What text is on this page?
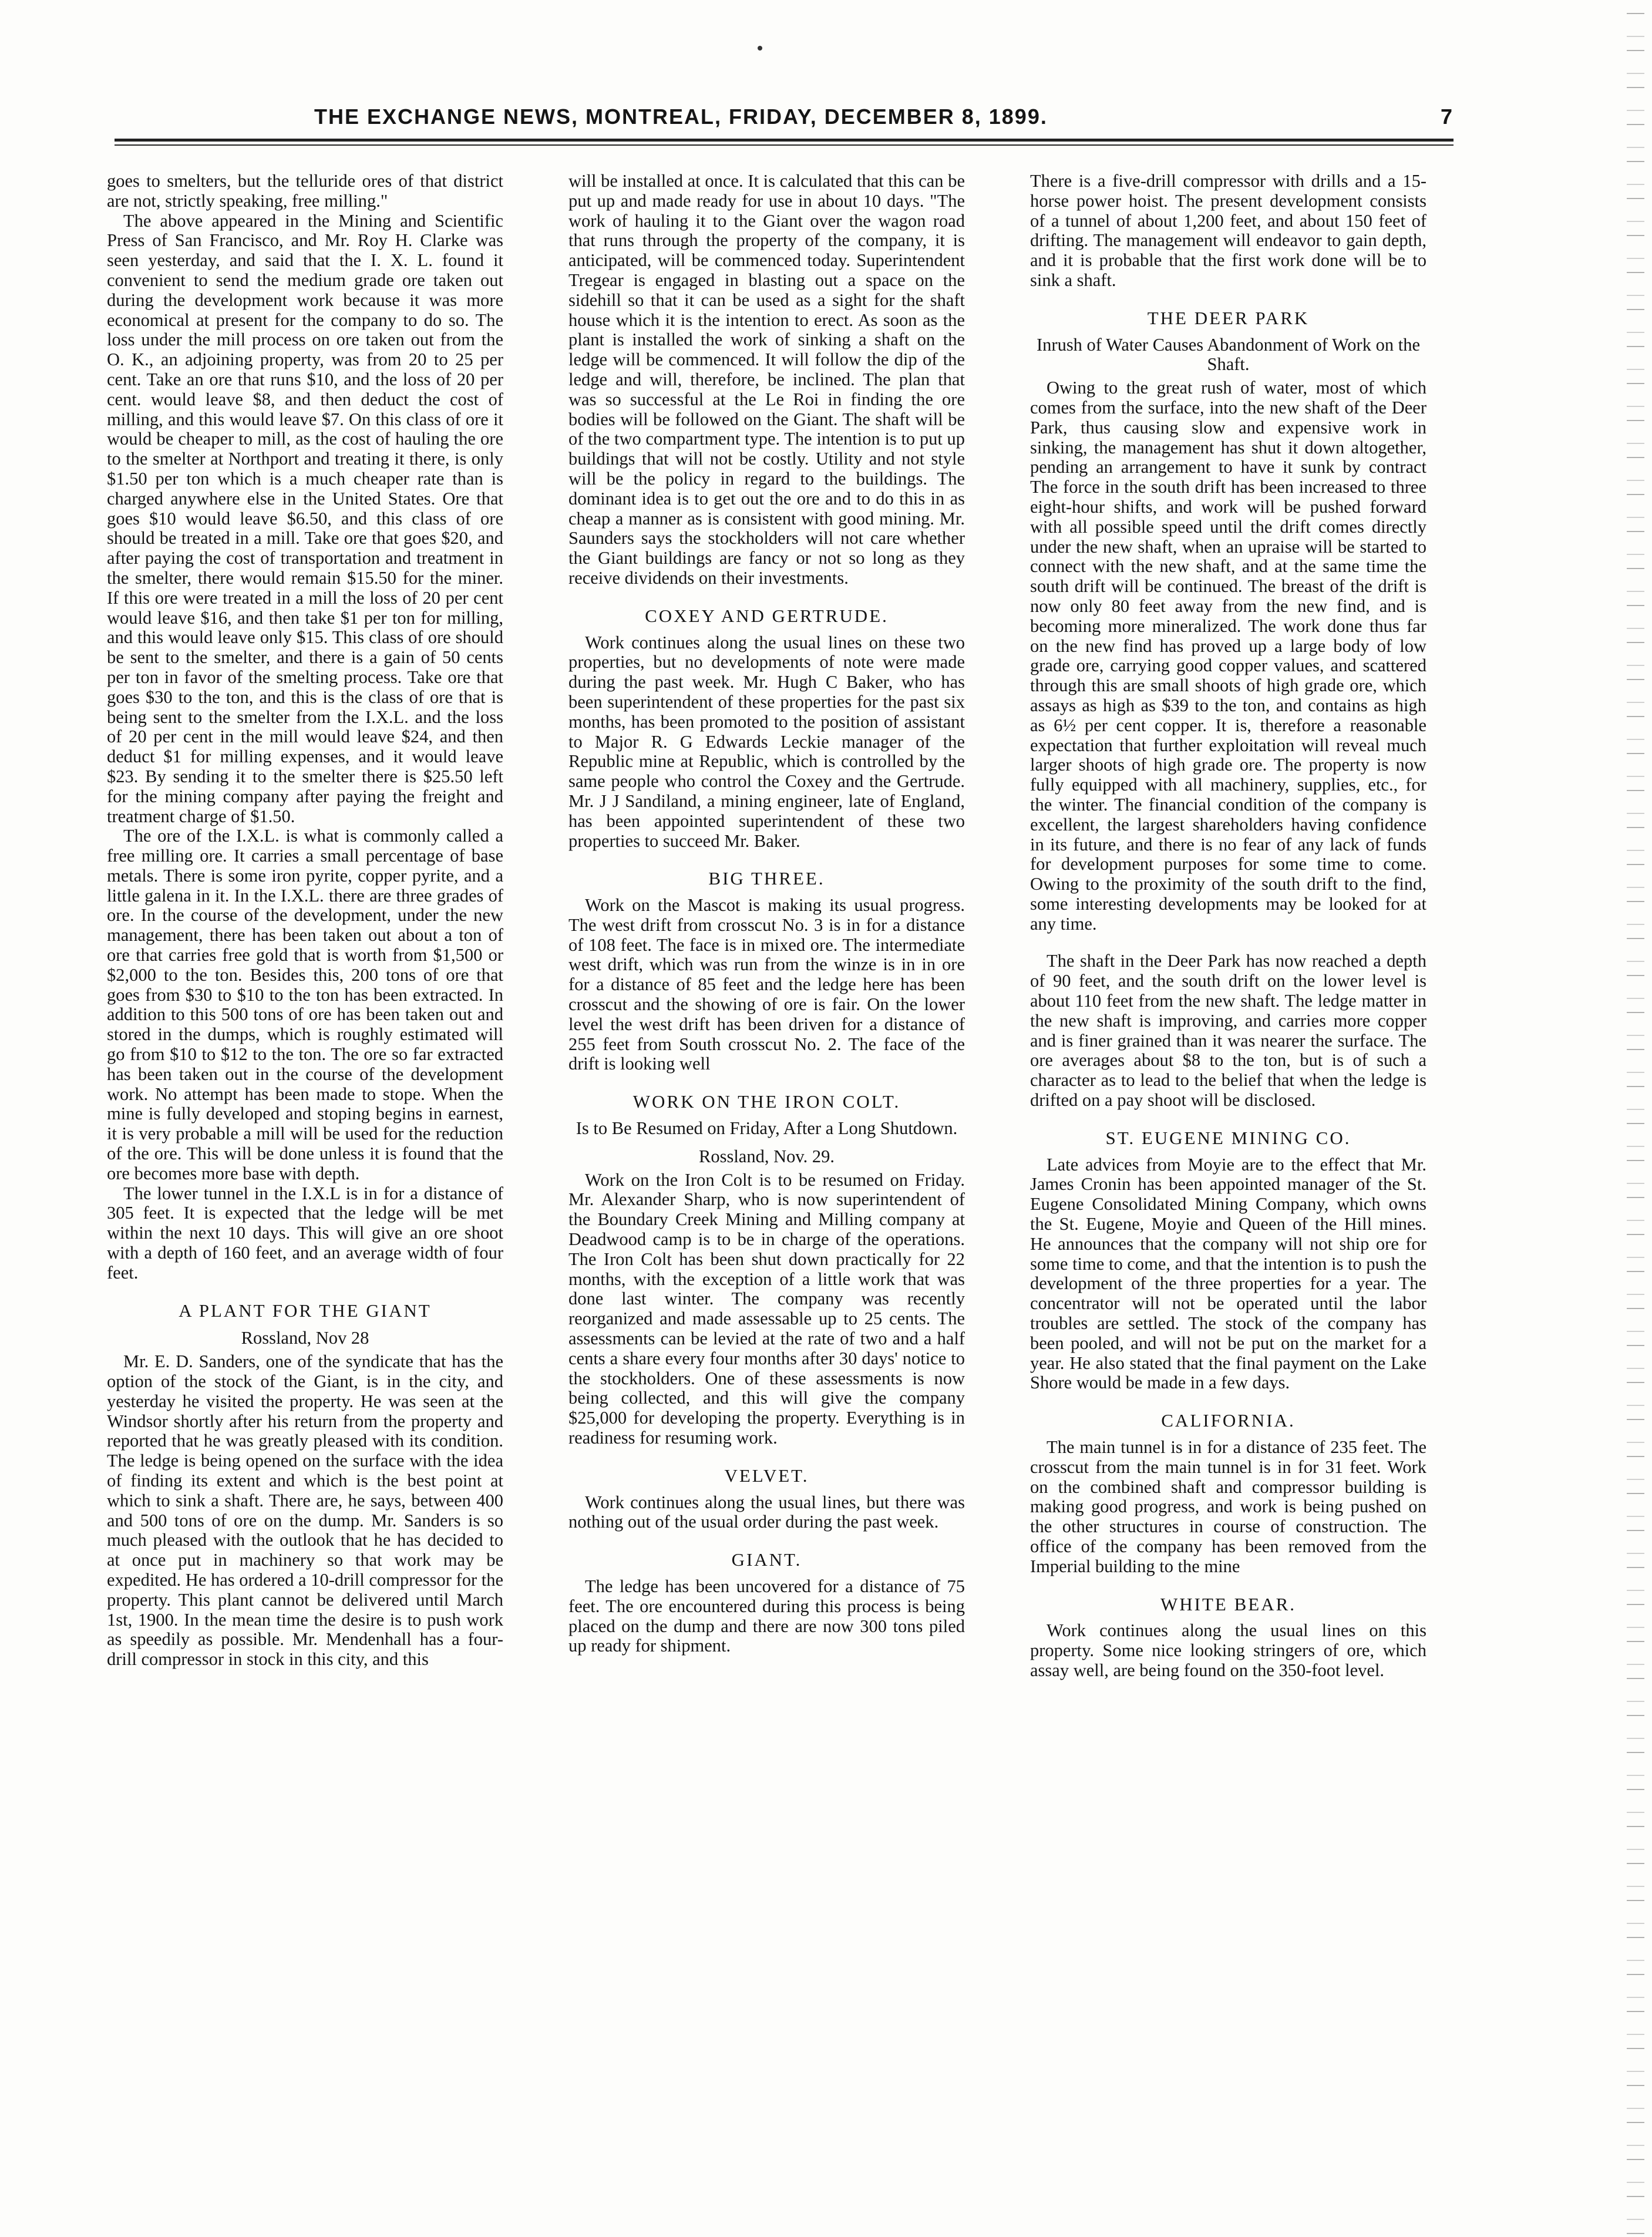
THE EXCHANGE NEWS, MONTREAL, FRIDAY, DECEMBER 8, 1899.	7

goes to smelters, but the telluride ores of that district are not, strictly speaking, free milling."

The above appeared in the Mining and Scientific Press of San Francisco, and Mr. Roy H. Clarke was seen yesterday, and said that the I. X. L. found it convenient to send the medium grade ore taken out during the development work because it was more economical at present for the company to do so. The loss under the mill process on ore taken out from the O. K., an adjoining property, was from 20 to 25 per cent. Take an ore that runs $10, and the loss of 20 per cent. would leave $8, and then deduct the cost of milling, and this would leave $7. On this class of ore it would be cheaper to mill, as the cost of hauling the ore to the smelter at Northport and treating it there, is only $1.50 per ton which is a much cheaper rate than is charged anywhere else in the United States. Ore that goes $10 would leave $6.50, and this class of ore should be treated in a mill. Take ore that goes $20, and after paying the cost of transportation and treatment in the smelter, there would remain $15.50 for the miner. If this ore were treated in a mill the loss of 20 per cent would leave $16, and then take $1 per ton for milling, and this would leave only $15. This class of ore should be sent to the smelter, and there is a gain of 50 cents per ton in favor of the smelting process. Take ore that goes $30 to the ton, and this is the class of ore that is being sent to the smelter from the I.X.L. and the loss of 20 per cent in the mill would leave $24, and then deduct $1 for milling expenses, and it would leave $23. By sending it to the smelter there is $25.50 left for the mining company after paying the freight and treatment charge of $1.50.

The ore of the I.X.L. is what is commonly called a free milling ore. It carries a small percentage of base metals. There is some iron pyrite, copper pyrite, and a little galena in it. In the I.X.L. there are three grades of ore. In the course of the development, under the new management, there has been taken out about a ton of ore that carries free gold that is worth from $1,500 or $2,000 to the ton. Besides this, 200 tons of ore that goes from $30 to $10 to the ton has been extracted. In addition to this 500 tons of ore has been taken out and stored in the dumps, which is roughly estimated will go from $10 to $12 to the ton. The ore so far extracted has been taken out in the course of the development work. No attempt has been made to stope. When the mine is fully developed and stoping begins in earnest, it is very probable a mill will be used for the reduction of the ore. This will be done unless it is found that the ore becomes more base with depth.

The lower tunnel in the I.X.L is in for a distance of 305 feet. It is expected that the ledge will be met within the next 10 days. This will give an ore shoot with a depth of 160 feet, and an average width of four feet.

A PLANT FOR THE GIANT

Rossland, Nov 28

Mr. E. D. Sanders, one of the syndicate that has the option of the stock of the Giant, is in the city, and yesterday he visited the property. He was seen at the Windsor shortly after his return from the property and reported that he was greatly pleased with its condition. The ledge is being opened on the surface with the idea of finding its extent and which is the best point at which to sink a shaft. There are, he says, between 400 and 500 tons of ore on the dump. Mr. Sanders is so much pleased with the outlook that he has decided to at once put in machinery so that work may be expedited. He has ordered a 10-drill compressor for the property. This plant cannot be delivered until March 1st, 1900. In the mean time the desire is to push work as speedily as possible. Mr. Mendenhall has a four-drill compressor in stock in this city, and this

will be installed at once. It is calculated that this can be put up and made ready for use in about 10 days. "The work of hauling it to the Giant over the wagon road that runs through the property of the company, it is anticipated, will be commenced today. Superintendent Tregear is engaged in blasting out a space on the sidehill so that it can be used as a sight for the shaft house which it is the intention to erect. As soon as the plant is installed the work of sinking a shaft on the ledge will be commenced. It will follow the dip of the ledge and will, therefore, be inclined. The plan that was so successful at the Le Roi in finding the ore bodies will be followed on the Giant. The shaft will be of the two compartment type. The intention is to put up buildings that will not be costly. Utility and not style will be the policy in regard to the buildings. The dominant idea is to get out the ore and to do this in as cheap a manner as is consistent with good mining. Mr. Saunders says the stockholders will not care whether the Giant buildings are fancy or not so long as they receive dividends on their investments.

COXEY AND GERTRUDE.

Work continues along the usual lines on these two properties, but no developments of note were made during the past week. Mr. Hugh C Baker, who has been superintendent of these properties for the past six months, has been promoted to the position of assistant to Major R. G Edwards Leckie manager of the Republic mine at Republic, which is controlled by the same people who control the Coxey and the Gertrude. Mr. J J Sandiland, a mining engineer, late of England, has been appointed superintendent of these two properties to succeed Mr. Baker.

BIG THREE.

Work on the Mascot is making its usual progress. The west drift from crosscut No. 3 is in for a distance of 108 feet. The face is in mixed ore. The intermediate west drift, which was run from the winze is in in ore for a distance of 85 feet and the ledge here has been crosscut and the showing of ore is fair. On the lower level the west drift has been driven for a distance of 255 feet from South crosscut No. 2. The face of the drift is looking well

WORK ON THE IRON COLT.

Is to Be Resumed on Friday, After a Long Shutdown.

Rossland, Nov. 29.

Work on the Iron Colt is to be resumed on Friday. Mr. Alexander Sharp, who is now superintendent of the Boundary Creek Mining and Milling company at Deadwood camp is to be in charge of the operations. The Iron Colt has been shut down practically for 22 months, with the exception of a little work that was done last winter. The company was recently reorganized and made assessable up to 25 cents. The assessments can be levied at the rate of two and a half cents a share every four months after 30 days' notice to the stockholders. One of these assessments is now being collected, and this will give the company $25,000 for developing the property. Everything is in readiness for resuming work.

VELVET.

Work continues along the usual lines, but there was nothing out of the usual order during the past week.

GIANT.

The ledge has been uncovered for a distance of 75 feet. The ore encountered during this process is being placed on the dump and there are now 300 tons piled up ready for shipment.

There is a five-drill compressor with drills and a 15-horse power hoist. The present development consists of a tunnel of about 1,200 feet, and about 150 feet of drifting. The management will endeavor to gain depth, and it is probable that the first work done will be to sink a shaft.

THE DEER PARK

Inrush of Water Causes Abandonment of Work on the Shaft.

Owing to the great rush of water, most of which comes from the surface, into the new shaft of the Deer Park, thus causing slow and expensive work in sinking, the management has shut it down altogether, pending an arrangement to have it sunk by contract The force in the south drift has been increased to three eight-hour shifts, and work will be pushed forward with all possible speed until the drift comes directly under the new shaft, when an upraise will be started to connect with the new shaft, and at the same time the south drift will be continued. The breast of the drift is now only 80 feet away from the new find, and is becoming more mineralized. The work done thus far on the new find has proved up a large body of low grade ore, carrying good copper values, and scattered through this are small shoots of high grade ore, which assays as high as $39 to the ton, and contains as high as 6½ per cent copper. It is, therefore a reasonable expectation that further exploitation will reveal much larger shoots of high grade ore. The property is now fully equipped with all machinery, supplies, etc., for the winter. The financial condition of the company is excellent, the largest shareholders having confidence in its future, and there is no fear of any lack of funds for development purposes for some time to come. Owing to the proximity of the south drift to the find, some interesting developments may be looked for at any time.

The shaft in the Deer Park has now reached a depth of 90 feet, and the south drift on the lower level is about 110 feet from the new shaft. The ledge matter in the new shaft is improving, and carries more copper and is finer grained than it was nearer the surface. The ore averages about $8 to the ton, but is of such a character as to lead to the belief that when the ledge is drifted on a pay shoot will be disclosed.

ST. EUGENE MINING CO.

Late advices from Moyie are to the effect that Mr. James Cronin has been appointed manager of the St. Eugene Consolidated Mining Company, which owns the St. Eugene, Moyie and Queen of the Hill mines. He announces that the company will not ship ore for some time to come, and that the intention is to push the development of the three properties for a year. The concentrator will not be operated until the labor troubles are settled. The stock of the company has been pooled, and will not be put on the market for a year. He also stated that the final payment on the Lake Shore would be made in a few days.

CALIFORNIA.

The main tunnel is in for a distance of 235 feet. The crosscut from the main tunnel is in for 31 feet. Work on the combined shaft and compressor building is making good progress, and work is being pushed on the other structures in course of construction. The office of the company has been removed from the Imperial building to the mine

WHITE BEAR.

Work continues along the usual lines on this property. Some nice looking stringers of ore, which assay well, are being found on the 350-foot level.
